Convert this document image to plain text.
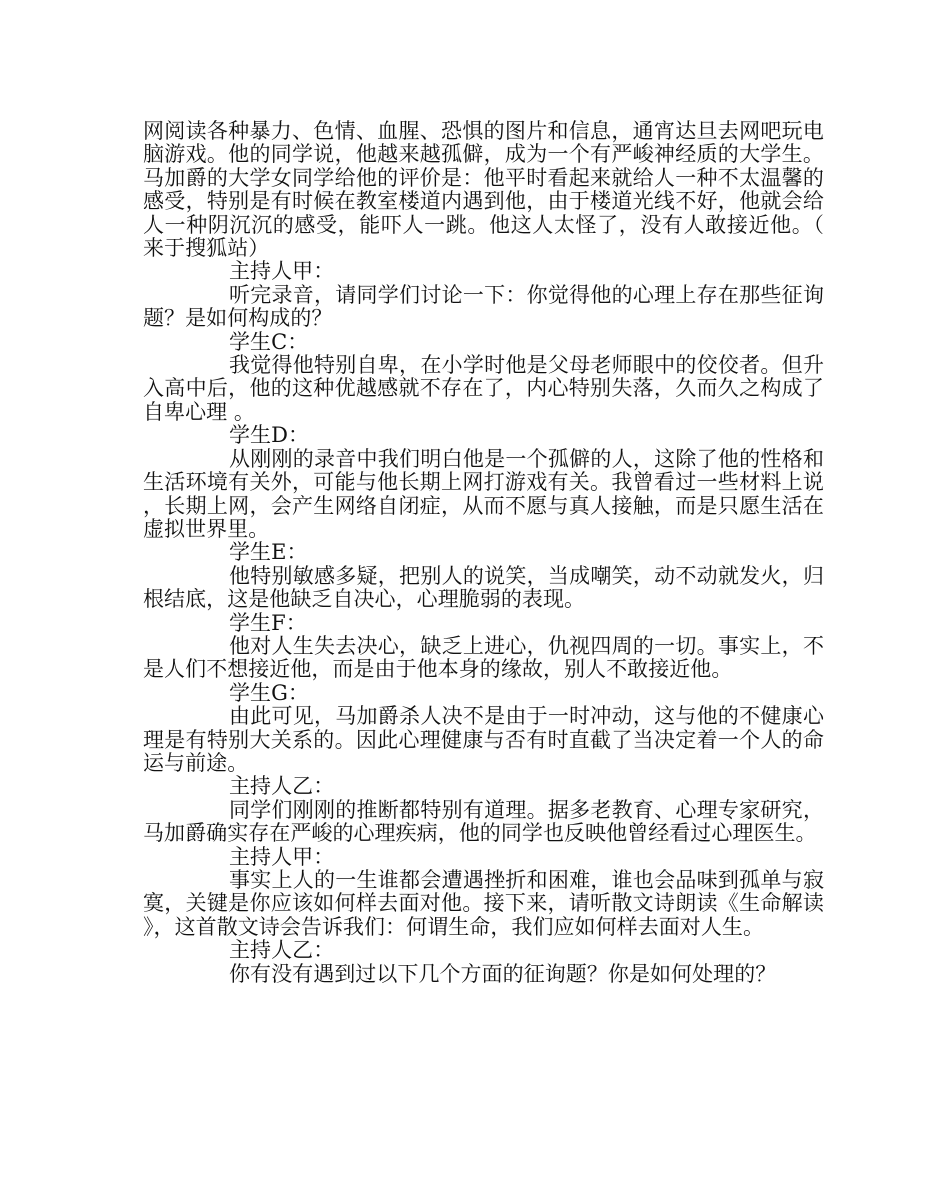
网阅读各种暴力、色情、血腥、恐惧的图片和信息，通宵达旦去网吧玩电脑游戏。他的同学说，他越来越孤僻，成为一个有严峻神经质的大学生。马加爵的大学女同学给他的评价是：他平时看起来就给人一种不太温馨的感受，特别是有时候在教室楼道内遇到他，由于楼道光线不好，他就会给人一种阴沉沉的感受，能吓人一跳。他这人太怪了，没有人敢接近他。（来于搜狐站）

主持人甲：

听完录音，请同学们讨论一下：你觉得他的心理上存在那些征询题？是如何构成的？

学生C：

我觉得他特别自卑，在小学时他是父母老师眼中的佼佼者。但升入高中后，他的这种优越感就不存在了，内心特别失落，久而久之构成了自卑心理 。

学生D：

从刚刚的录音中我们明白他是一个孤僻的人，这除了他的性格和生活环境有关外，可能与他长期上网打游戏有关。我曾看过一些材料上说，长期上网，会产生网络自闭症，从而不愿与真人接触，而是只愿生活在虚拟世界里。

学生E：

他特别敏感多疑，把别人的说笑，当成嘲笑，动不动就发火，归根结底，这是他缺乏自决心，心理脆弱的表现。

学生F：

他对人生失去决心，缺乏上进心，仇视四周的一切。事实上，不是人们不想接近他，而是由于他本身的缘故，别人不敢接近他。

学生G：

由此可见，马加爵杀人决不是由于一时冲动，这与他的不健康心理是有特别大关系的。因此心理健康与否有时直截了当决定着一个人的命运与前途。

主持人乙：

同学们刚刚的推断都特别有道理。据多老教育、心理专家研究，马加爵确实存在严峻的心理疾病，他的同学也反映他曾经看过心理医生。

主持人甲：

事实上人的一生谁都会遭遇挫折和困难，谁也会品味到孤单与寂寞，关键是你应该如何样去面对他。接下来，请听散文诗朗读《生命解读》，这首散文诗会告诉我们：何谓生命，我们应如何样去面对人生。

主持人乙：

你有没有遇到过以下几个方面的征询题？你是如何处理的？
